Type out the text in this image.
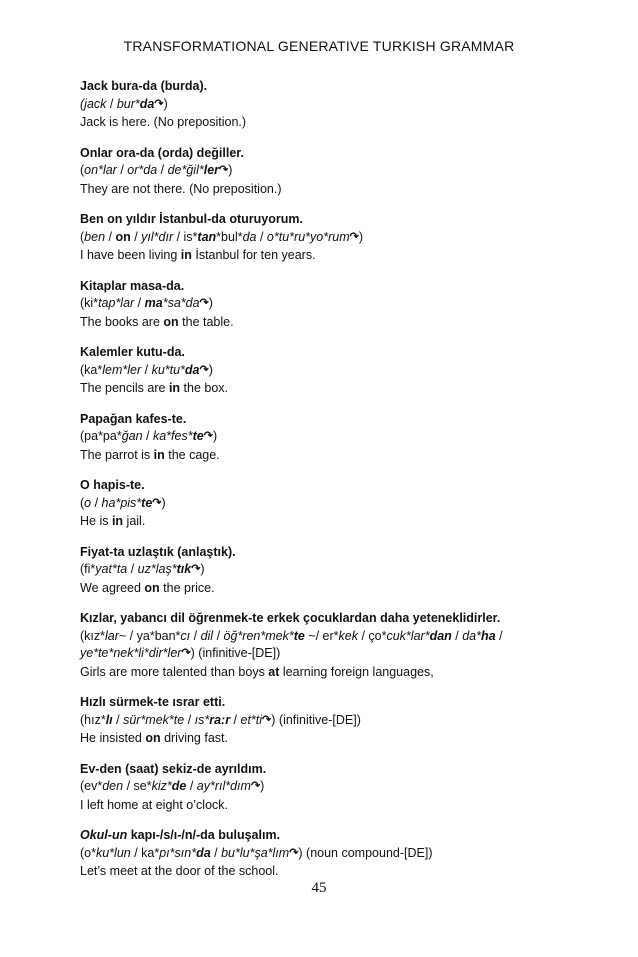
TRANSFORMATIONAL GENERATIVE TURKISH GRAMMAR
Jack bura-da (burda).
(jack / bur*da↷)
Jack is here. (No preposition.)
Onlar ora-da (orda) değiller.
(on*lar / or*da / de*ğil*ler↷)
They are not there. (No preposition.)
Ben on yıldır İstanbul-da oturuyorum.
(ben / on / yıl*dır / is*tan*bul*da / o*tu*ru*yo*rum↷)
I have been living in İstanbul for ten years.
Kitaplar masa-da.
(ki*tap*lar / ma*sa*da↷)
The books are on the table.
Kalemler kutu-da.
(ka*lem*ler / ku*tu*da↷)
The pencils are in the box.
Papağan kafes-te.
(pa*pa*ğan / ka*fes*te↷)
The parrot is in the cage.
O hapis-te.
(o / ha*pis*te↷)
He is in jail.
Fiyat-ta uzlaştık (anlaştık).
(fi*yat*ta / uz*laş*tık↷)
We agreed on the price.
Kızlar, yabancı dil öğrenmek-te erkek çocuklardan daha yeteneklidirler.
(kız*lar~ / ya*ban*cı / dil / öğ*ren*mek*te ~/ er*kek / ço*cuk*lar*dan / da*ha /
ye*te*nek*li*dir*ler↷) (infinitive-[DE])
Girls are more talented than boys at learning foreign languages,
Hızlı sürmek-te ısrar etti.
(hız*lı / sür*mek*te / ıs*ra:r / et*ti↷) (infinitive-[DE])
He insisted on driving fast.
Ev-den (saat) sekiz-de ayrıldım.
(ev*den / se*kiz*de / ay*rıl*dım↷)
I left home at eight o’clock.
Okul-un kapı-/s/ı-/n/-da buluşalım.
(o*ku*lun / ka*pı*sın*da / bu*lu*şa*lım↷) (noun compound-[DE])
Let’s meet at the door of the school.
45
